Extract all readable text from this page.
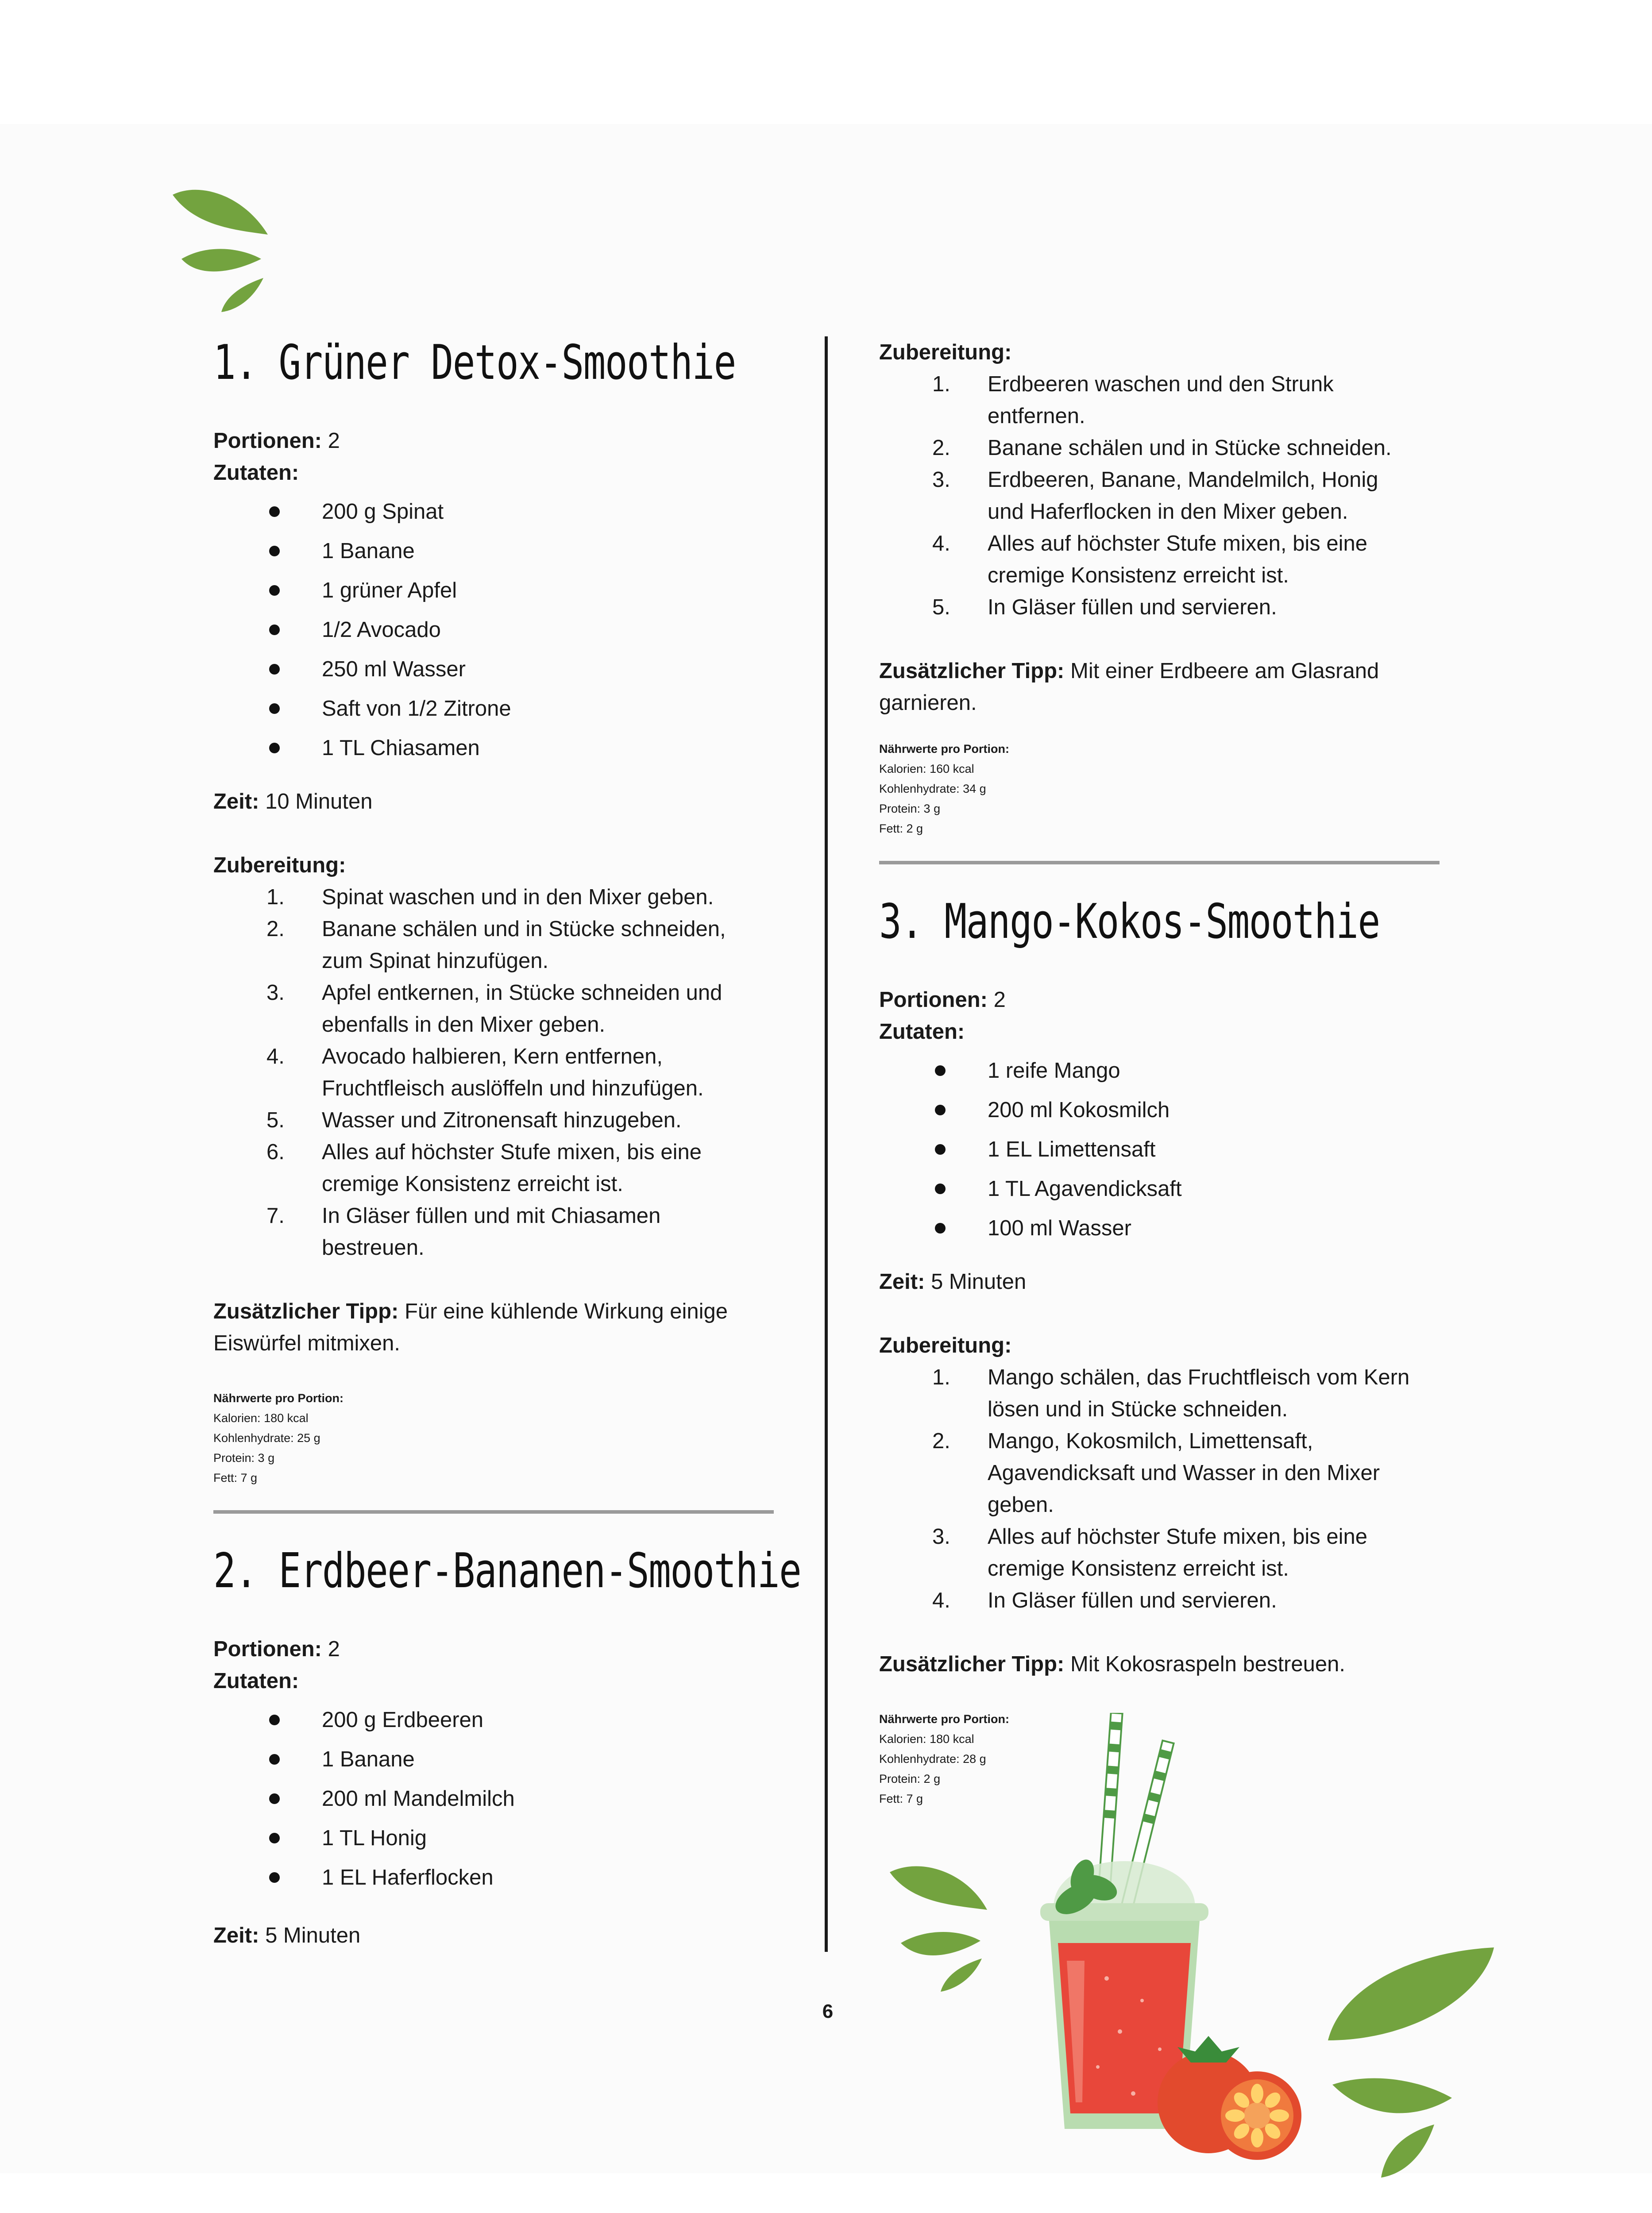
1. Grüner Detox-Smoothie

Portionen: 2

Zutaten:

200 g Spinat
1 Banane
1 grüner Apfel
1/2 Avocado
250 ml Wasser
Saft von 1/2 Zitrone
1 TL Chiasamen

Zeit: 10 Minuten

Zubereitung:

1. Spinat waschen und in den Mixer geben.
2. Banane schälen und in Stücke schneiden,
zum Spinat hinzufügen.
3. Apfel entkernen, in Stücke schneiden und
ebenfalls in den Mixer geben.
4. Avocado halbieren, Kern entfernen,
Fruchtfleisch auslöffeln und hinzufügen.
5. Wasser und Zitronensaft hinzugeben.
6. Alles auf höchster Stufe mixen, bis eine
cremige Konsistenz erreicht ist.
7. In Gläser füllen und mit Chiasamen
bestreuen.

Zusätzlicher Tipp: Für eine kühlende Wirkung einige
Eiswürfel mitmixen.

Nährwerte pro Portion:

Kalorien: 180 kcal

Kohlenhydrate: 25 g

Protein: 3 g

Fett: 7 g

2. Erdbeer-Bananen-Smoothie

Portionen: 2

Zutaten:

200 g Erdbeeren
1 Banane
200 ml Mandelmilch
1 TL Honig
1 EL Haferflocken

Zeit: 5 Minuten

Zubereitung:

1. Erdbeeren waschen und den Strunk
entfernen.
2. Banane schälen und in Stücke schneiden.
3. Erdbeeren, Banane, Mandelmilch, Honig
und Haferflocken in den Mixer geben.
4. Alles auf höchster Stufe mixen, bis eine
cremige Konsistenz erreicht ist.
5. In Gläser füllen und servieren.

Zusätzlicher Tipp: Mit einer Erdbeere am Glasrand
garnieren.

Nährwerte pro Portion:

Kalorien: 160 kcal

Kohlenhydrate: 34 g

Protein: 3 g

Fett: 2 g

3. Mango-Kokos-Smoothie

Portionen: 2

Zutaten:

1 reife Mango
200 ml Kokosmilch
1 EL Limettensaft
1 TL Agavendicksaft
100 ml Wasser

Zeit: 5 Minuten

Zubereitung:

1. Mango schälen, das Fruchtfleisch vom Kern
lösen und in Stücke schneiden.
2. Mango, Kokosmilch, Limettensaft,
Agavendicksaft und Wasser in den Mixer
geben.
3. Alles auf höchster Stufe mixen, bis eine
cremige Konsistenz erreicht ist.
4. In Gläser füllen und servieren.

Zusätzlicher Tipp: Mit Kokosraspeln bestreuen.

Nährwerte pro Portion:

Kalorien: 180 kcal

Kohlenhydrate: 28 g

Protein: 2 g

Fett: 7 g

6
